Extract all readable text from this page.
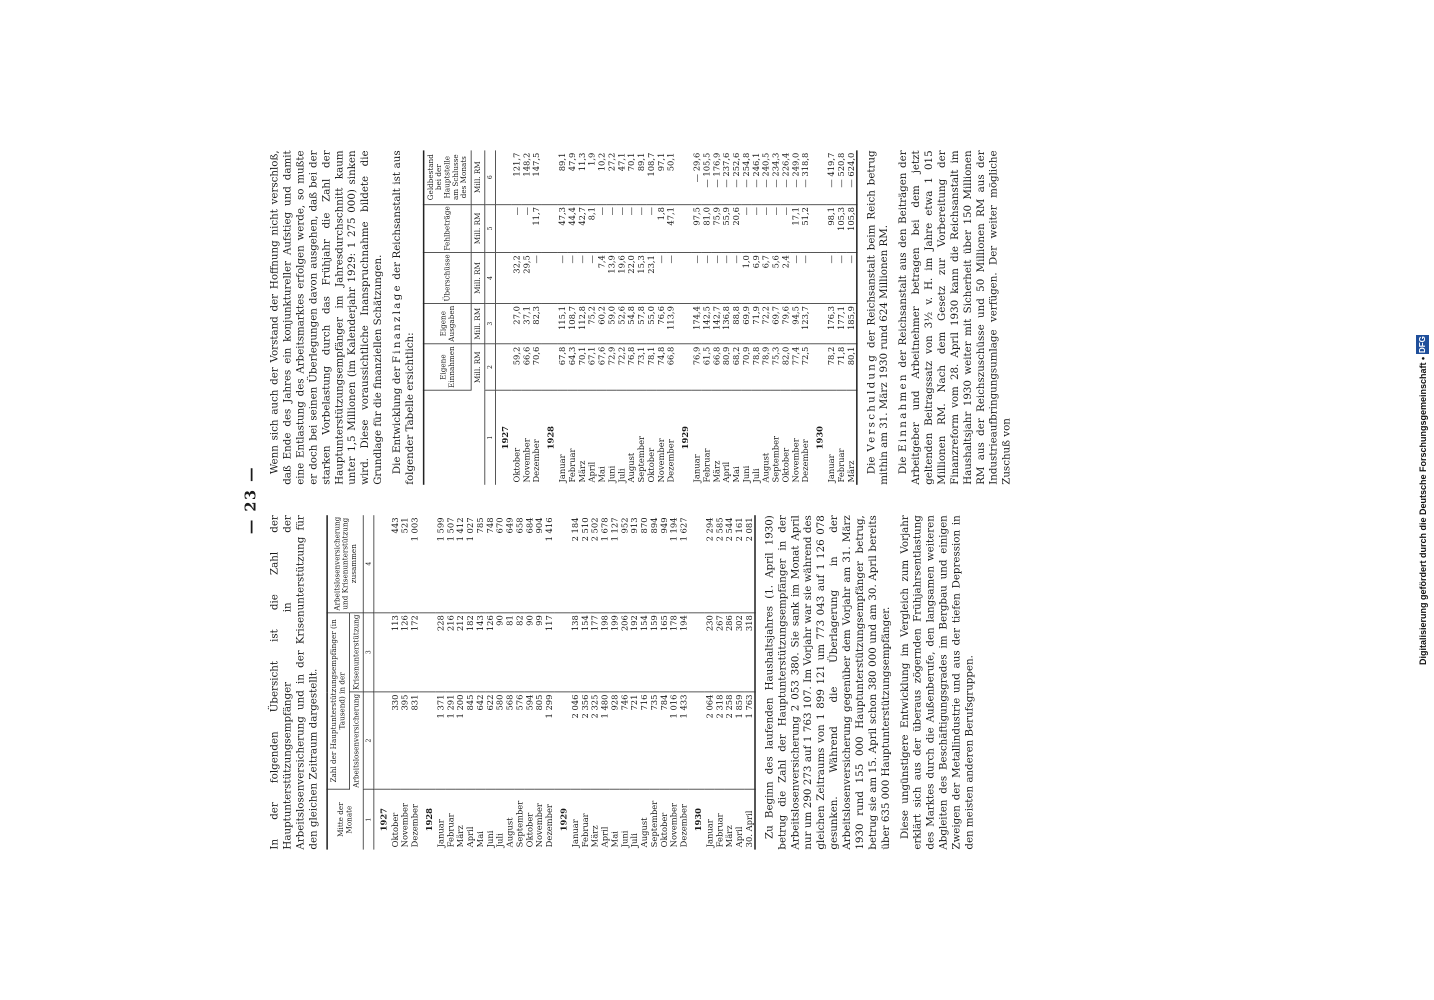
Digitalisierung gefördert durch die Deutsche Forschungsgemeinschaft • DFG
— 23 —

In der folgenden Übersicht ist die Zahl der Hauptunterstützungsempfänger in der Arbeitslosenversicherung und in der Krisenunterstützung für den gleichen Zeitraum dargestellt. Mitte der Monate	Zahl der Hauptunterstützungsempfänger (in Tausend) in der		Arbeitslosenversicherung und Krisenunterstützung zusammen
	Arbeitslosenversicherung	Krisenunterstützung	
1	2	3	4
1927			
Oktober	330	113	443
November	395	126	521
Dezember	831	172	1 003
1928			
Januar	1 371	228	1 599
Februar	1 291	216	1 507
März	1 200	212	1 412
April	845	182	1 027
Mai	642	143	785
Juni	622	126	748
Juli	580	90	670
August	568	81	649
September	576	82	658
Oktober	594	90	684
November	805	99	904
Dezember	1 299	117	1 416
1929			
Januar	2 046	138	2 184
Februar	2 356	154	2 510
März	2 325	177	2 502
April	1 480	198	1 678
Mai	928	199	1 127
Juni	746	206	952
Juli	721	192	913
August	716	154	870
September	735	159	894
Oktober	784	165	949
November	1 016	178	1 194
Dezember	1 433	194	1 627
1930			
Januar	2 064	230	2 294
Februar	2 318	267	2 585
März	2 258	286	2 544
April	1 859	302	2 161
30. April	1 763	318	2 081 Zu Beginn des laufenden Haushaltsjahres (1. April 1930) betrug die Zahl der Hauptunterstützungsempfänger in der Arbeitslosenversicherung 2 053 380. Sie sank im Monat April nur um 290 273 auf 1 763 107. Im Vorjahr war sie während des gleichen Zeitraums von 1 899 121 um 773 043 auf 1 126 078 gesunken. Während die Überlagerung in der Arbeitslosenversicherung gegenüber dem Vorjahr am 31. März 1930 rund 155 000 Hauptunterstützungsempfänger betrug, betrug sie am 15. April schon 380 000 und am 30. April bereits über 635 000 Hauptunterstützungsempfänger. Diese ungünstigere Entwicklung im Vergleich zum Vorjahr erklärt sich aus der überaus zögernden Frühjahrsentlastung des Marktes durch die Außenberufe, den langsamen weiteren Abgleiten des Beschäftigungsgrades im Bergbau und einigen Zweigen der Metallindustrie und aus der tiefen Depression in den meisten anderen Berufsgruppen.

Wenn sich auch der Vorstand der Hoffnung nicht verschloß, daß Ende des Jahres ein konjunktureller Aufstieg und damit eine Entlastung des Arbeitsmarktes erfolgen werde, so mußte er doch bei seinen Überlegungen davon ausgehen, daß bei der starken Vorbelastung durch das Frühjahr die Zahl der Hauptunterstützungsempfänger im Jahresdurchschnitt kaum unter 1,5 Millionen (im Kalenderjahr 1929: 1 275 000) sinken wird. Diese voraussichtliche Inanspruchnahme bildete die Grundlage für die finanziellen Schätzungen. Die Entwicklung der Finanzlage der Reichsanstalt ist aus folgender Tabelle ersichtlich:

	Eigene Einnahmen	Eigene Ausgaben	Überschüsse	Fehlbeträge	Geldbestand bei der Hauptstelle am Schlusse des Monats
	Mill. RM	Mill. RM	Mill. RM	Mill. RM	Mill. RM
1	2	3	4	5	6
1927					
Oktober	59,2	27,0	32,2	—	121,7
November	66,6	37,1	29,5	—	148,2
Dezember	70,6	82,3	—	11,7	147,5
1928					
Januar	67,8	115,1	—	47,3	89,1
Februar	64,3	108,7	—	44,4	47,9
März	70,1	112,8	—	42,7	11,3
April	67,1	75,2	—	8,1	1,9
Mai	67,6	60,2	7,4	—	10,2
Juni	72,9	59,0	13,9	—	27,2
Juli	72,2	52,6	19,6	—	47,1
August	76,8	54,8	22,0	—	70,1
September	73,1	57,8	15,3	—	89,1
Oktober	78,1	55,0	23,1	—	108,7
November	74,8	76,6	—	1,8	97,1
Dezember	66,8	113,9	—	47,1	50,1
1929					
Januar	76,9	174,4	—	97,5	— 29,6
Februar	61,5	142,5	—	81,0	— 105,5
März	66,8	142,7	—	75,9	— 176,9
April	80,9	136,8	—	55,9	— 237,6
Mai	68,2	88,8	—	20,6	— 252,6
Juni	70,9	69,9	1,0	—	— 254,8
Juli	78,8	71,9	6,9	—	— 246,1
August	78,9	72,2	6,7	—	— 240,5
September	75,3	69,7	5,6	—	— 234,3
Oktober	82,0	79,6	2,4	—	— 226,4
November	77,4	94,5	—	17,1	— 249,0
Dezember	72,5	123,7	—	51,2	— 318,8
1930					
Januar	78,2	176,3	—	98,1	— 419,7
Februar	71,8	177,1	—	105,3	— 520,8
März	80,1	185,9	—	105,8	— 624,0

Die Verschuldung der Reichsanstalt beim Reich betrug mithin am 31. März 1930 rund 624 Millionen RM. Die Einnahmen der Reichsanstalt aus den Beiträgen der Arbeitgeber und Arbeitnehmer betragen bei dem jetzt geltenden Beitragssatz von 3½ v. H. im Jahre etwa 1 015 Millionen RM. Nach dem Gesetz zur Vorbereitung der Finanzreform vom 28. April 1930 kann die Reichsanstalt im Haushaltsjahr 1930 weiter mit Sicherheit über 150 Millionen RM aus der Reichszuschüsse und 50 Millionen RM aus der Industrieaufbringungsumlage verfügen. Der weiter mögliche Zuschuß von
